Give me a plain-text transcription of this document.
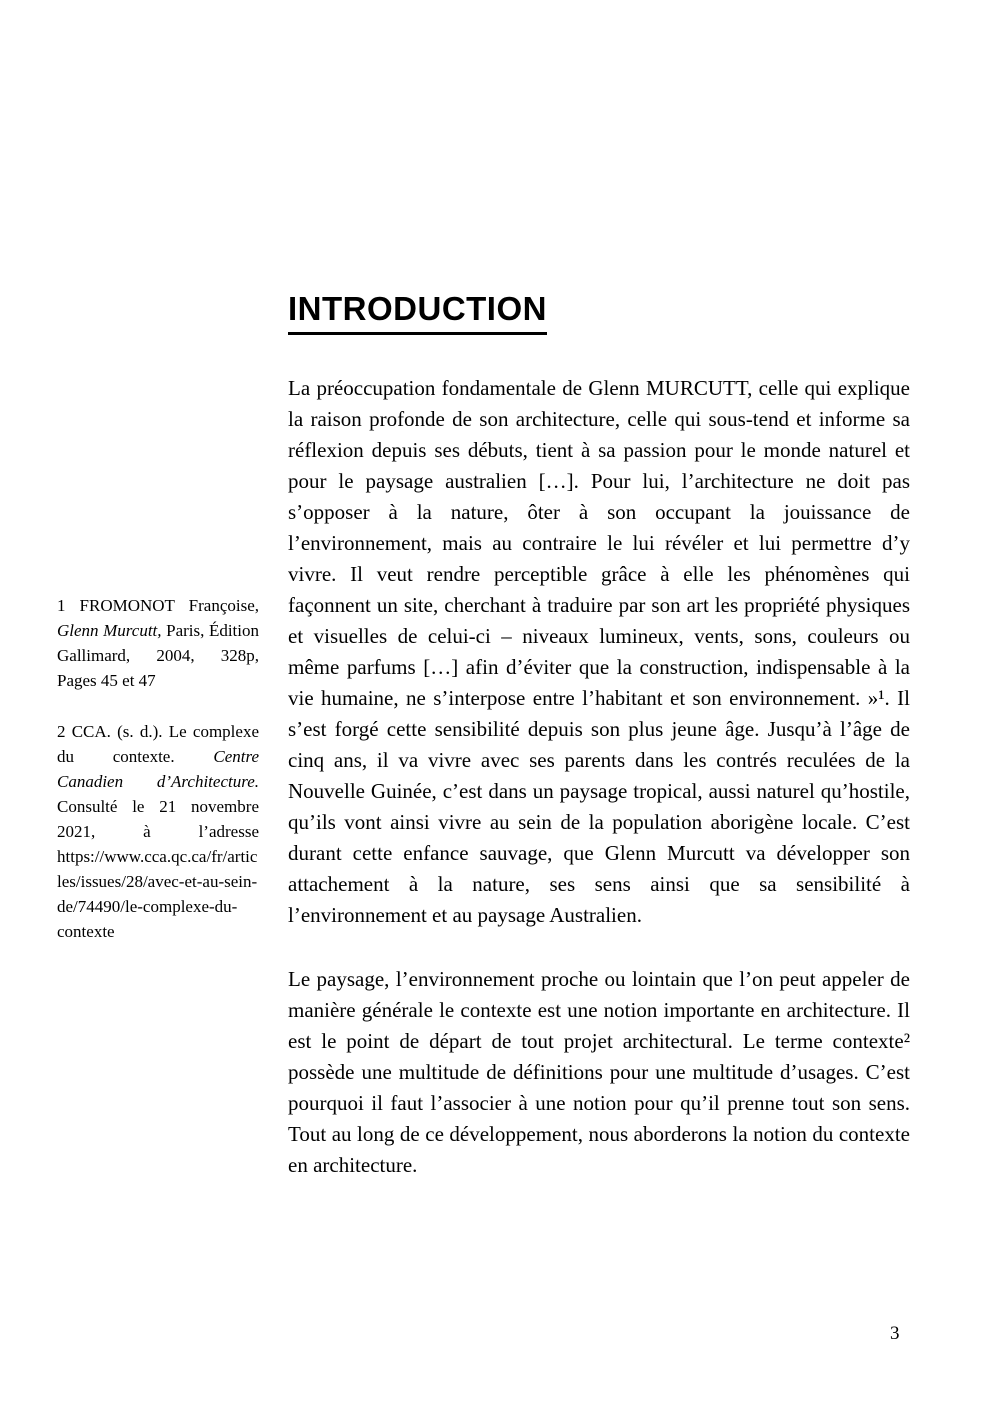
1 FROMONOT Françoise, Glenn Murcutt, Paris, Édition Gallimard, 2004, 328p, Pages 45 et 47

2 CCA. (s. d.). Le complexe du contexte. Centre Canadien d’Architecture. Consulté le 21 novembre 2021, à l’adresse https://www.cca.qc.ca/fr/articles/issues/28/avec-et-au-sein-de/74490/le-complexe-du-contexte

INTRODUCTION

La préoccupation fondamentale de Glenn MURCUTT, celle qui explique la raison profonde de son architecture, celle qui sous-tend et informe sa réflexion depuis ses débuts, tient à sa passion pour le monde naturel et pour le paysage australien […]. Pour lui, l’architecture ne doit pas s’opposer à la nature, ôter à son occupant la jouissance de l’environnement, mais au contraire le lui révéler et lui permettre d’y vivre. Il veut rendre perceptible grâce à elle les phénomènes qui façonnent un site, cherchant à traduire par son art les propriété physiques et visuelles de celui-ci – niveaux lumineux, vents, sons, couleurs ou même parfums […] afin d’éviter que la construction, indispensable à la vie humaine, ne s’interpose entre l’habitant et son environnement. »¹. Il s’est forgé cette sensibilité depuis son plus jeune âge. Jusqu’à l’âge de cinq ans, il va vivre avec ses parents dans les contrés reculées de la Nouvelle Guinée, c’est dans un paysage tropical, aussi naturel qu’hostile, qu’ils vont ainsi vivre au sein de la population aborigène locale. C’est durant cette enfance sauvage, que Glenn Murcutt va développer son attachement à la nature, ses sens ainsi que sa sensibilité à l’environnement et au paysage Australien.

Le paysage, l’environnement proche ou lointain que l’on peut appeler de manière générale le contexte est une notion importante en architecture. Il est le point de départ de tout projet architectural. Le terme contexte² possède une multitude de définitions pour une multitude d’usages. C’est pourquoi il faut l’associer à une notion pour qu’il prenne tout son sens. Tout au long de ce développement, nous aborderons la notion du contexte en architecture.

3
